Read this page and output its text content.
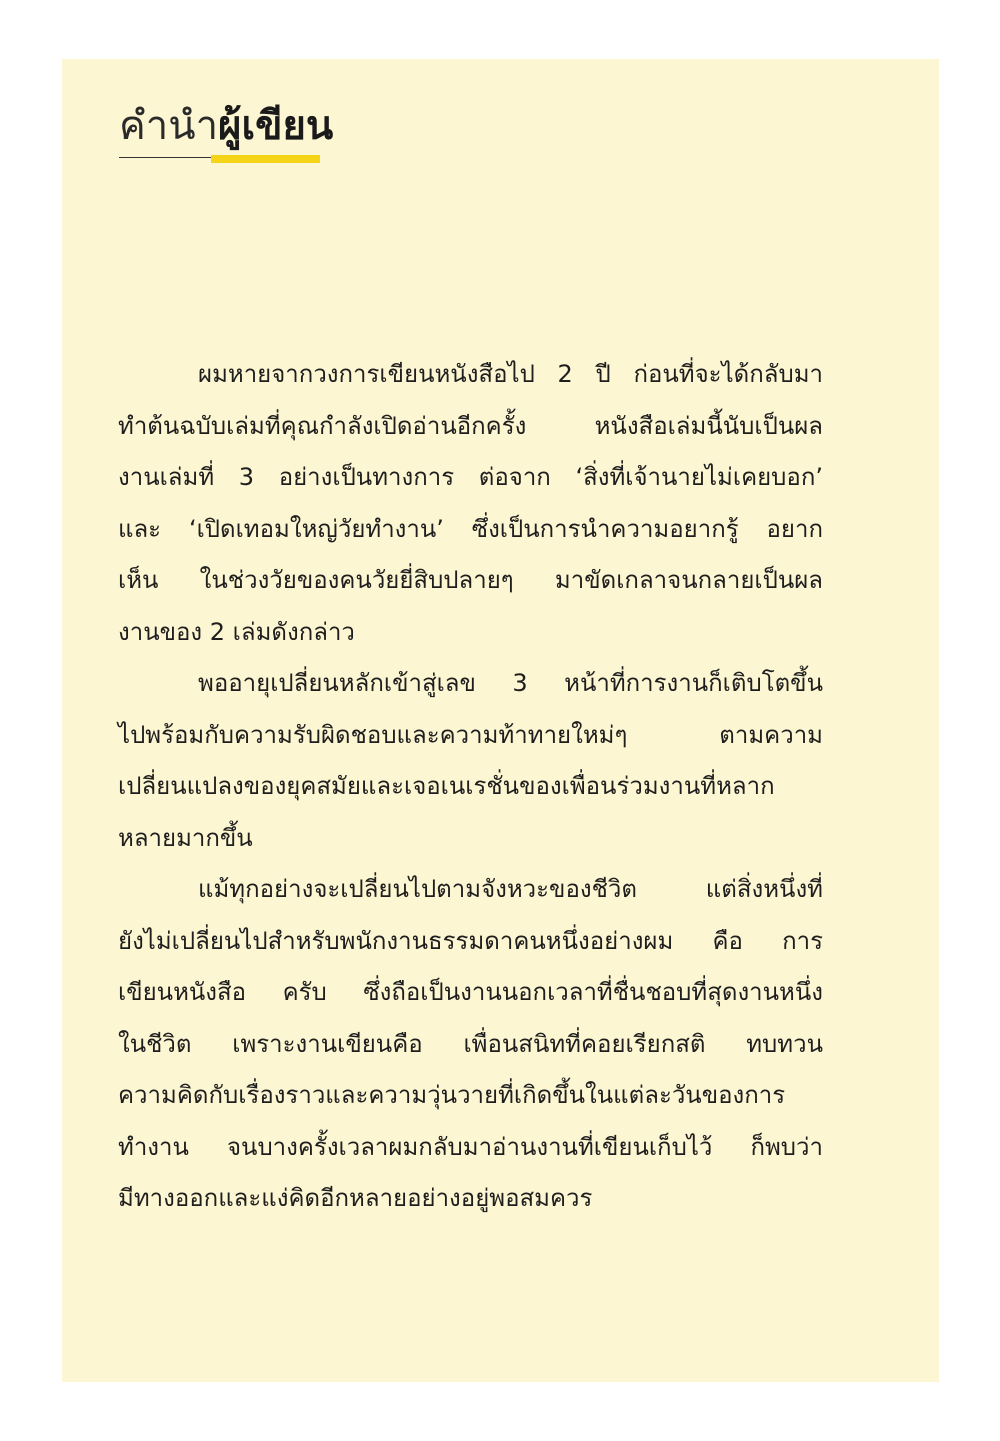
คำนำผู้เขียน
ผมหายจากวงการเขียนหนังสือไป 2 ปี ก่อนที่จะได้กลับมา
ทำต้นฉบับเล่มที่คุณกำลังเปิดอ่านอีกครั้ง หนังสือเล่มนี้นับเป็นผล
งานเล่มที่ 3 อย่างเป็นทางการ ต่อจาก ‘สิ่งที่เจ้านายไม่เคยบอก’
และ ‘เปิดเทอมใหญ่วัยทำงาน’ ซึ่งเป็นการนำความอยากรู้ อยาก
เห็น ในช่วงวัยของคนวัยยี่สิบปลายๆ มาขัดเกลาจนกลายเป็นผล
งานของ 2 เล่มดังกล่าว
พออายุเปลี่ยนหลักเข้าสู่เลข 3 หน้าที่การงานก็เติบโตขึ้น
ไปพร้อมกับความรับผิดชอบและความท้าทายใหม่ๆ ตามความ
เปลี่ยนแปลงของยุคสมัยและเจอเนเรชั่นของเพื่อนร่วมงานที่หลาก
หลายมากขึ้น
แม้ทุกอย่างจะเปลี่ยนไปตามจังหวะของชีวิต แต่สิ่งหนึ่งที่
ยังไม่เปลี่ยนไปสำหรับพนักงานธรรมดาคนหนึ่งอย่างผม คือ การ
เขียนหนังสือ ครับ ซึ่งถือเป็นงานนอกเวลาที่ชื่นชอบที่สุดงานหนึ่ง
ในชีวิต เพราะงานเขียนคือ เพื่อนสนิทที่คอยเรียกสติ ทบทวน
ความคิดกับเรื่องราวและความวุ่นวายที่เกิดขึ้นในแต่ละวันของการ
ทำงาน จนบางครั้งเวลาผมกลับมาอ่านงานที่เขียนเก็บไว้ ก็พบว่า
มีทางออกและแง่คิดอีกหลายอย่างอยู่พอสมควร
